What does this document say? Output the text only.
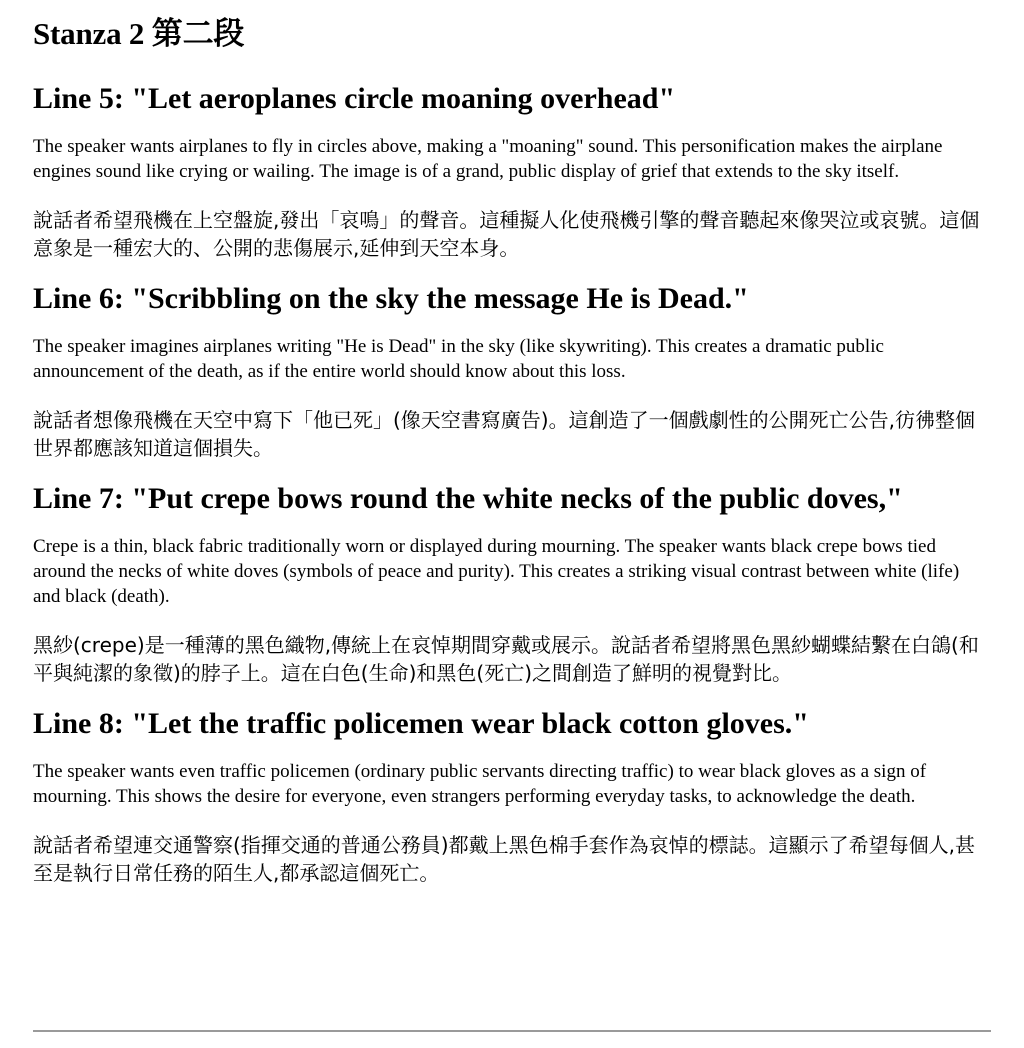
Stanza 2 第二段
Line 5: "Let aeroplanes circle moaning overhead"

The speaker wants airplanes to fly in circles above, making a "moaning" sound. This personification makes the airplane engines sound like crying or wailing. The image is of a grand, public display of grief that extends to the sky itself.

說話者希望飛機在上空盤旋,發出「哀鳴」的聲音。這種擬人化使飛機引擎的聲音聽起來像哭泣或哀號。這個意象是一種宏大的、公開的悲傷展示,延伸到天空本身。

Line 6: "Scribbling on the sky the message He is Dead."

The speaker imagines airplanes writing "He is Dead" in the sky (like skywriting). This creates a dramatic public announcement of the death, as if the entire world should know about this loss.

說話者想像飛機在天空中寫下「他已死」(像天空書寫廣告)。這創造了一個戲劇性的公開死亡公告,彷彿整個世界都應該知道這個損失。

Line 7: "Put crepe bows round the white necks of the public doves,"

Crepe is a thin, black fabric traditionally worn or displayed during mourning. The speaker wants black crepe bows tied around the necks of white doves (symbols of peace and purity). This creates a striking visual contrast between white (life) and black (death).

黑紗(crepe)是一種薄的黑色織物,傳統上在哀悼期間穿戴或展示。說話者希望將黑色黑紗蝴蝶結繫在白鴿(和平與純潔的象徵)的脖子上。這在白色(生命)和黑色(死亡)之間創造了鮮明的視覺對比。

Line 8: "Let the traffic policemen wear black cotton gloves."

The speaker wants even traffic policemen (ordinary public servants directing traffic) to wear black gloves as a sign of mourning. This shows the desire for everyone, even strangers performing everyday tasks, to acknowledge the death.

說話者希望連交通警察(指揮交通的普通公務員)都戴上黑色棉手套作為哀悼的標誌。這顯示了希望每個人,甚至是執行日常任務的陌生人,都承認這個死亡。
